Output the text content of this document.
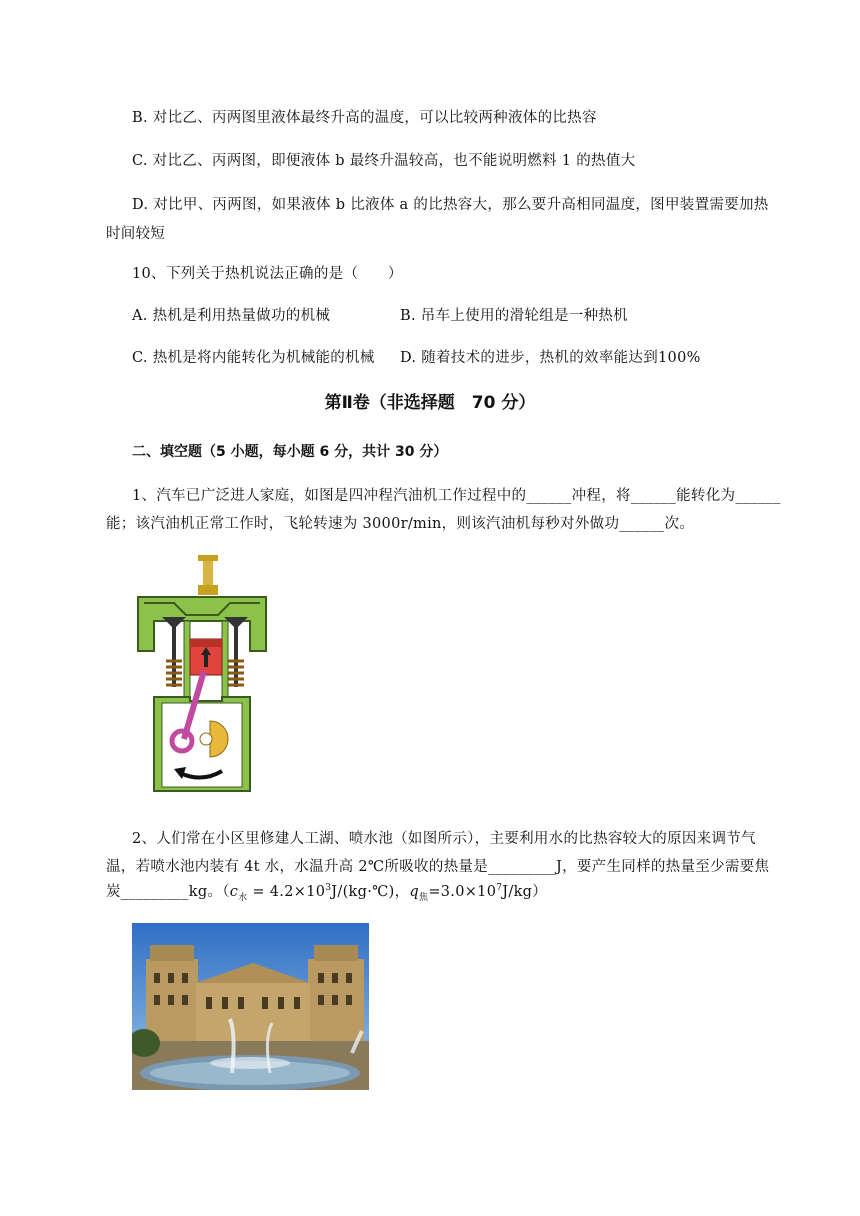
B. 对比乙、丙两图里液体最终升高的温度，可以比较两种液体的比热容
C. 对比乙、丙两图，即便液体 b 最终升温较高，也不能说明燃料 1 的热值大
D. 对比甲、丙两图，如果液体 b 比液体 a 的比热容大，那么要升高相同温度，图甲装置需要加热
时间较短
10、下列关于热机说法正确的是（　　）
A. 热机是利用热量做功的机械	B. 吊车上使用的滑轮组是一种热机
C. 热机是将内能转化为机械能的机械 D. 随着技术的进步，热机的效率能达到100%
第Ⅱ卷（非选择题　70 分）
二、填空题（5 小题，每小题 6 分，共计 30 分）
1、汽车已广泛进人家庭，如图是四冲程汽油机工作过程中的______冲程，将______能转化为______
能；该汽油机正常工作时，飞轮转速为 3000r/min，则该汽油机每秒对外做功______次。
2、人们常在小区里修建人工湖、喷水池（如图所示），主要利用水的比热容较大的原因来调节气
温，若喷水池内装有 4t 水，水温升高 2℃所吸收的热量是_________J，要产生同样的热量至少需要焦
炭_________kg。（$c_水$ = $4.2\times 10^3J/(kg\cdot℃)$，$q_焦=3.0\times 10^7J/kg$）
